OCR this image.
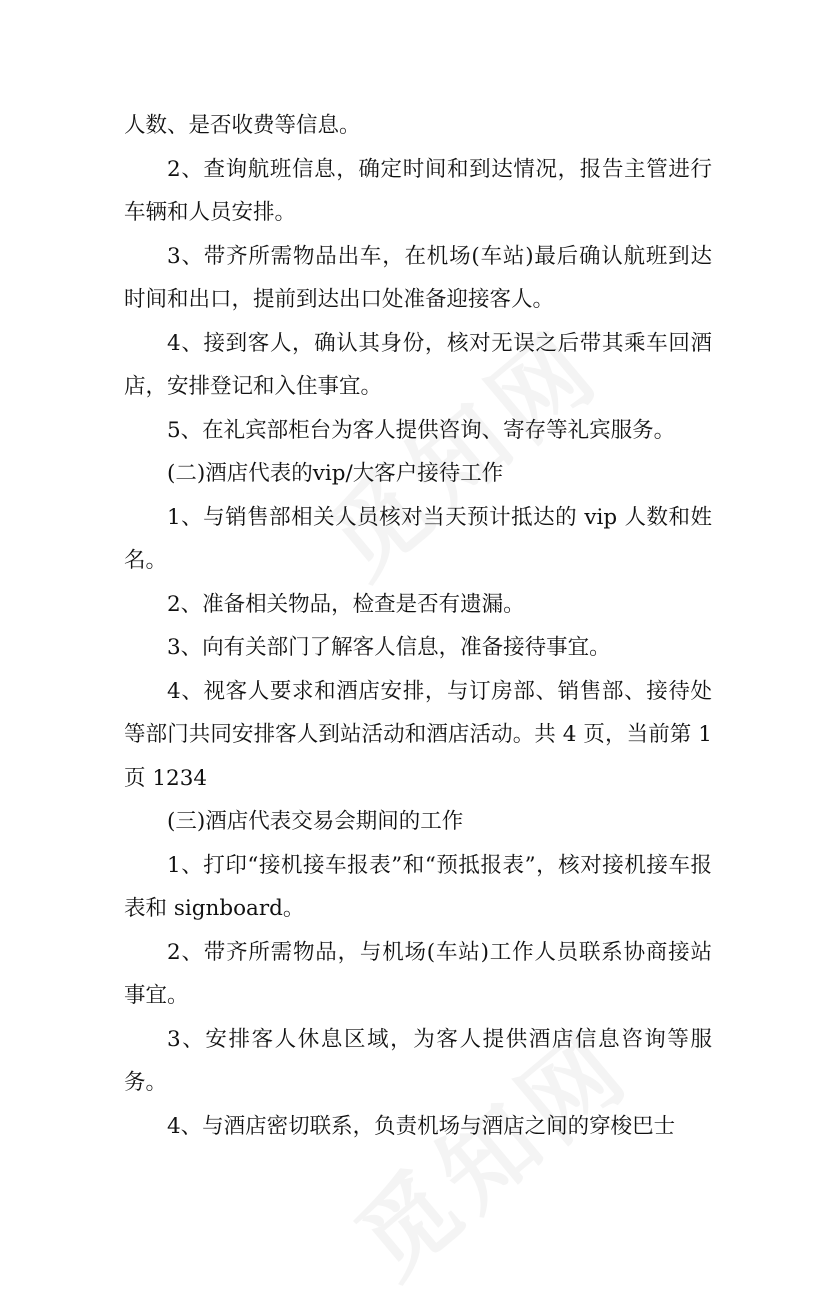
人数、是否收费等信息。

2、查询航班信息，确定时间和到达情况，报告主管进行车辆和人员安排。

3、带齐所需物品出车，在机场(车站)最后确认航班到达时间和出口，提前到达出口处准备迎接客人。

4、接到客人，确认其身份，核对无误之后带其乘车回酒店，安排登记和入住事宜。

5、在礼宾部柜台为客人提供咨询、寄存等礼宾服务。

(二)酒店代表的vip/大客户接待工作

1、与销售部相关人员核对当天预计抵达的 vip 人数和姓名。

2、准备相关物品，检查是否有遗漏。

3、向有关部门了解客人信息，准备接待事宜。

4、视客人要求和酒店安排，与订房部、销售部、接待处等部门共同安排客人到站活动和酒店活动。共 4 页，当前第 1 页 1234

(三)酒店代表交易会期间的工作

1、打印“接机接车报表”和“预抵报表”，核对接机接车报表和 signboard。

2、带齐所需物品，与机场(车站)工作人员联系协商接站事宜。

3、安排客人休息区域，为客人提供酒店信息咨询等服务。

4、与酒店密切联系，负责机场与酒店之间的穿梭巴士
